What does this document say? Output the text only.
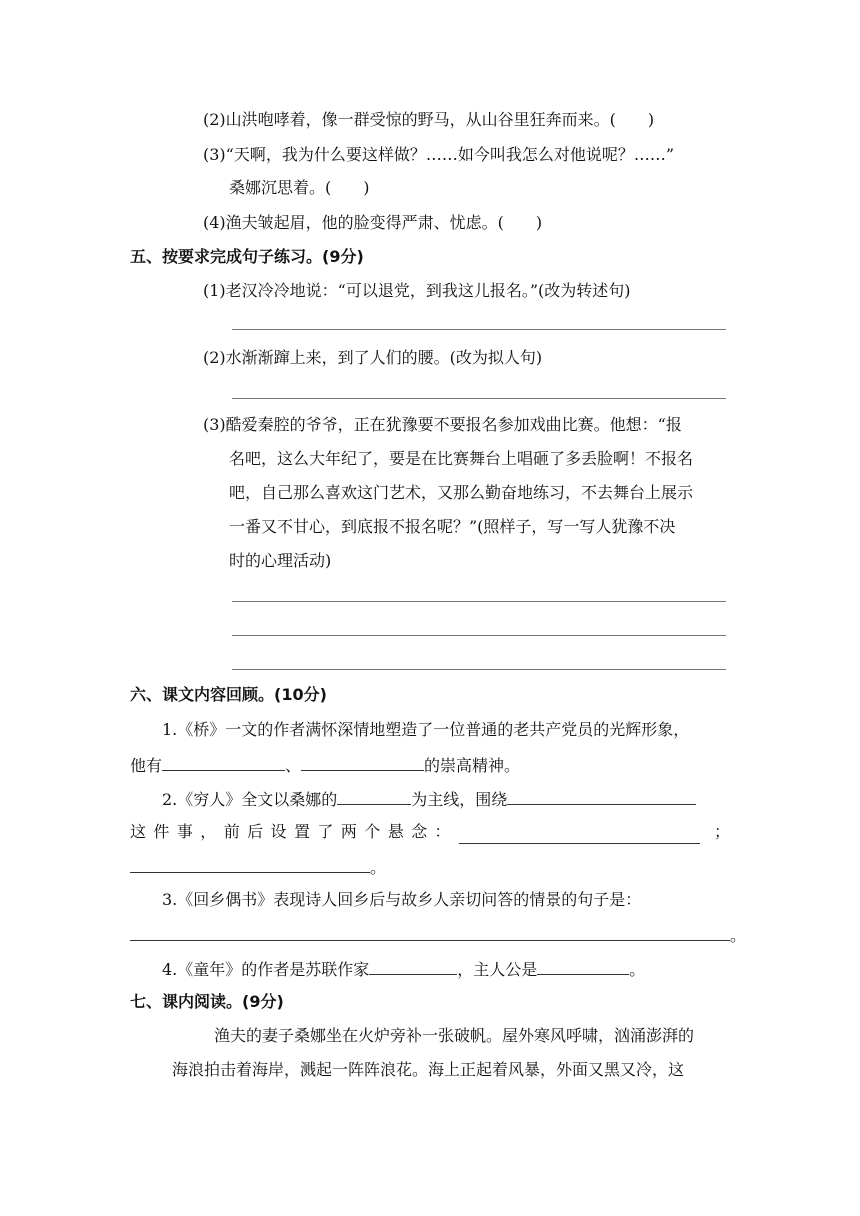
(2)山洪咆哮着，像一群受惊的野马，从山谷里狂奔而来。(　　)
(3)“天啊，我为什么要这样做？……如今叫我怎么对他说呢？……”
桑娜沉思着。(　　)
(4)渔夫皱起眉，他的脸变得严肃、忧虑。(　　)
五、按要求完成句子练习。(9分)
(1)老汉冷冷地说：“可以退党，到我这儿报名。”(改为转述句)
(2)水渐渐蹿上来，到了人们的腰。(改为拟人句)
(3)酷爱秦腔的爷爷，正在犹豫要不要报名参加戏曲比赛。他想：“报
名吧，这么大年纪了，要是在比赛舞台上唱砸了多丢脸啊！不报名
吧，自己那么喜欢这门艺术，又那么勤奋地练习，不去舞台上展示
一番又不甘心，到底报不报名呢？”(照样子，写一写人犹豫不决
时的心理活动)
六、课文内容回顾。(10分)
1.《桥》一文的作者满怀深情地塑造了一位普通的老共产党员的光辉形象，
他有	、	的崇高精神。
2.《穷人》全文以桑娜的	为主线，围绕
这件事，前后设置了两个悬念：	；
。
3.《回乡偶书》表现诗人回乡后与故乡人亲切问答的情景的句子是：
。
4.《童年》的作者是苏联作家	，主人公是	。
七、课内阅读。(9分)
渔夫的妻子桑娜坐在火炉旁补一张破帆。屋外寒风呼啸，汹涌澎湃的
海浪拍击着海岸，溅起一阵阵浪花。海上正起着风暴，外面又黑又冷，这
